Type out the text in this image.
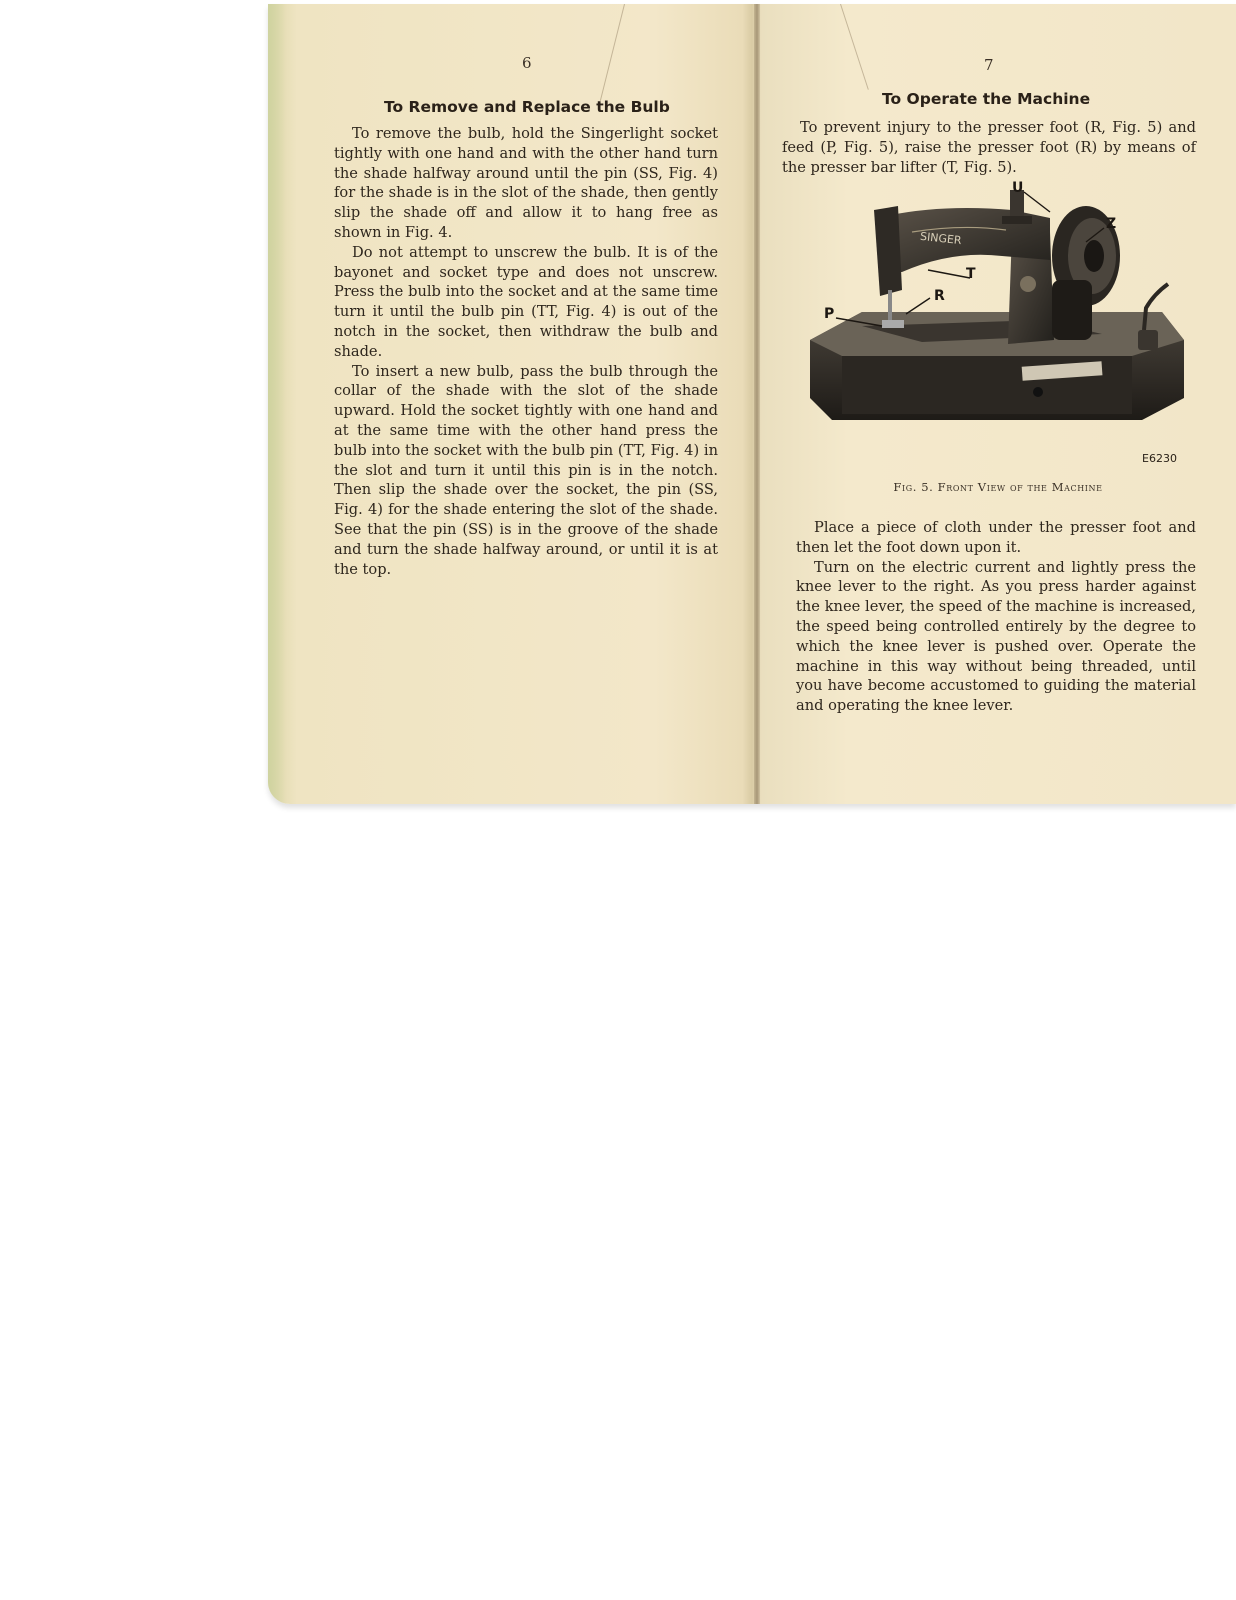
6
To Remove and Replace the Bulb

To remove the bulb, hold the Singerlight socket tightly with one hand and with the other hand turn the shade halfway around until the pin (SS, Fig. 4) for the shade is in the slot of the shade, then gently slip the shade off and allow it to hang free as shown in Fig. 4.

Do not attempt to unscrew the bulb. It is of the bayonet and socket type and does not unscrew. Press the bulb into the socket and at the same time turn it until the bulb pin (TT, Fig. 4) is out of the notch in the socket, then withdraw the bulb and shade.

To insert a new bulb, pass the bulb through the collar of the shade with the slot of the shade upward. Hold the socket tightly with one hand and at the same time with the other hand press the bulb into the socket with the bulb pin (TT, Fig. 4) in the slot and turn it until this pin is in the notch. Then slip the shade over the socket, the pin (SS, Fig. 4) for the shade entering the slot of the shade. See that the pin (SS) is in the groove of the shade and turn the shade halfway around, or until it is at the top.

7
To Operate the Machine

To prevent injury to the presser foot (R, Fig. 5) and feed (P, Fig. 5), raise the presser foot (R) by means of the presser bar lifter (T, Fig. 5).

U
Z
T
R
P
SINGER
E6230
Fig. 5. Front View of the Machine

Place a piece of cloth under the presser foot and then let the foot down upon it.

Turn on the electric current and lightly press the knee lever to the right. As you press harder against the knee lever, the speed of the machine is increased, the speed being controlled entirely by the degree to which the knee lever is pushed over. Operate the machine in this way without being threaded, until you have become accustomed to guiding the material and operating the knee lever.
